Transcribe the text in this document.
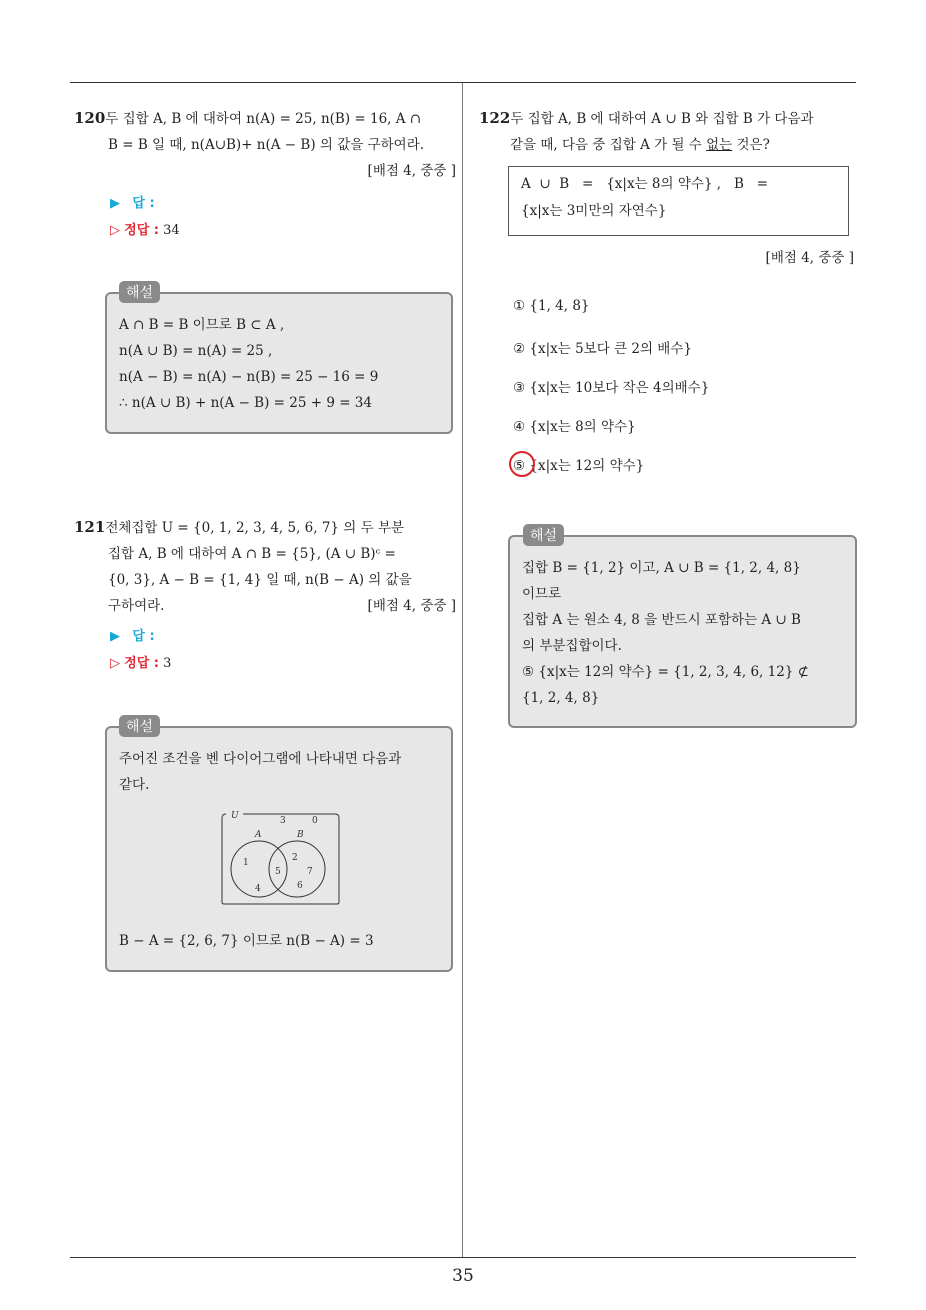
120두 집합 A, B 에 대하여 n(A) = 25, n(B) = 16, A ∩
B = B 일 때, n(A∪B)+ n(A − B) 의 값을 구하여라.
[배점 4, 중중 ]
▶ 답 :
▷ 정답 : 34
A ∩ B = B 이므로 B ⊂ A ,
n(A ∪ B) = n(A) = 25 ,
n(A − B) = n(A) − n(B) = 25 − 16 = 9
∴ n(A ∪ B) + n(A − B) = 25 + 9 = 34
해설
121전체집합 U = {0, 1, 2, 3, 4, 5, 6, 7} 의 두 부분
집합 A, B 에 대하여 A ∩ B = {5}, (A ∪ B)ᶜ =
{0, 3}, A − B = {1, 4} 일 때, n(B − A) 의 값을
구하여라.	[배점 4, 중중 ]
▶ 답 :
▷ 정답 : 3
주어진 조건을 벤 다이어그램에 나타내면 다음과
같다.
U
A	B
3	0
1
4
5
2
7
6
B − A = {2, 6, 7} 이므로 n(B − A) = 3
해설
122두 집합 A, B 에 대하여 A ∪ B 와 집합 B 가 다음과
같을 때, 다음 중 집합 A 가 될 수 없는 것은?
A  ∪  B   =   {x|x는 8의 약수} ,   B   =
{x|x는 3미만의 자연수}
[배점 4, 중중 ]
① {1, 4, 8}
② {x|x는 5보다 큰 2의 배수}
③ {x|x는 10보다 작은 4의배수}
④ {x|x는 8의 약수}
⑤ {x|x는 12의 약수}
집합 B = {1, 2} 이고, A ∪ B = {1, 2, 4, 8}
이므로
집합 A 는 원소 4, 8 을 반드시 포함하는 A ∪ B
의 부분집합이다.
⑤ {x|x는 12의 약수} = {1, 2, 3, 4, 6, 12} ⊄
{1, 2, 4, 8}
해설
35
